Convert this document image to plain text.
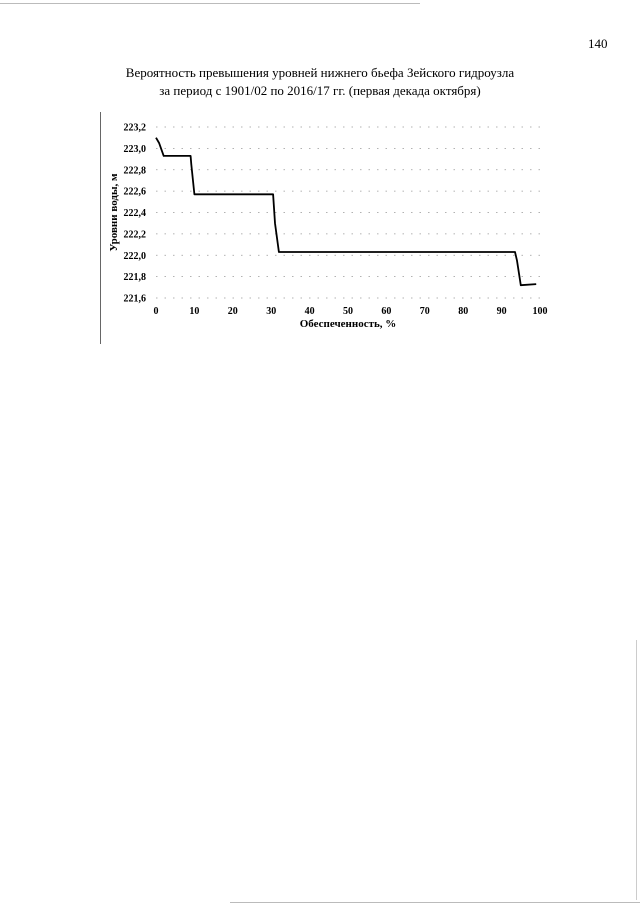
140
Вероятность превышения уровней нижнего бьефа Зейского гидроузла
за период с 1901/02 по 2016/17 гг. (первая декада октября)
223,2
223,0
222,8
222,6
222,4
222,2
222,0
221,8
221,6
0	10	20	30	40	50	60	70	80	90	100
Обеспеченность, %
Уровни воды, м
